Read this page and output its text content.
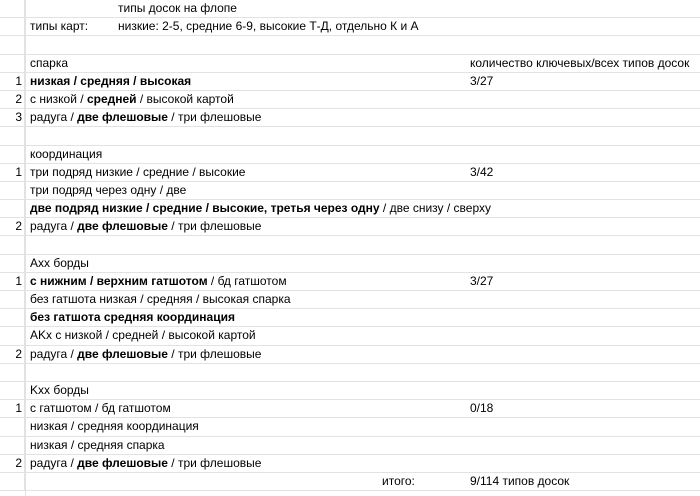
типы досок на флопе
типы карт: низкие: 2-5, средние 6-9, высокие Т-Д, отдельно К и А
спарка	количество ключевых/всех типов досок
1 низкая / средняя / высокая	3/27
2 с низкой / средней / высокой картой
3 радуга / две флешовые / три флешовые
координация
1 три подряд низкие / средние / высокие	3/42
три подряд через одну / две
две подряд низкие / средние / высокие, третья через одну / две снизу / сверху
2 радуга / две флешовые / три флешовые
Axx борды
1 с нижним / верхним гатшотом / бд гатшотом	3/27
без гатшота низкая / средняя / высокая спарка
без гатшота средняя координация
AKx с низкой / средней / высокой картой
2 радуга / две флешовые / три флешовые
Kxx борды
1 с гатшотом / бд гатшотом	0/18
низкая / средняя координация
низкая / средняя спарка
2 радуга / две флешовые / три флешовые
итого:	9/114 типов досок
